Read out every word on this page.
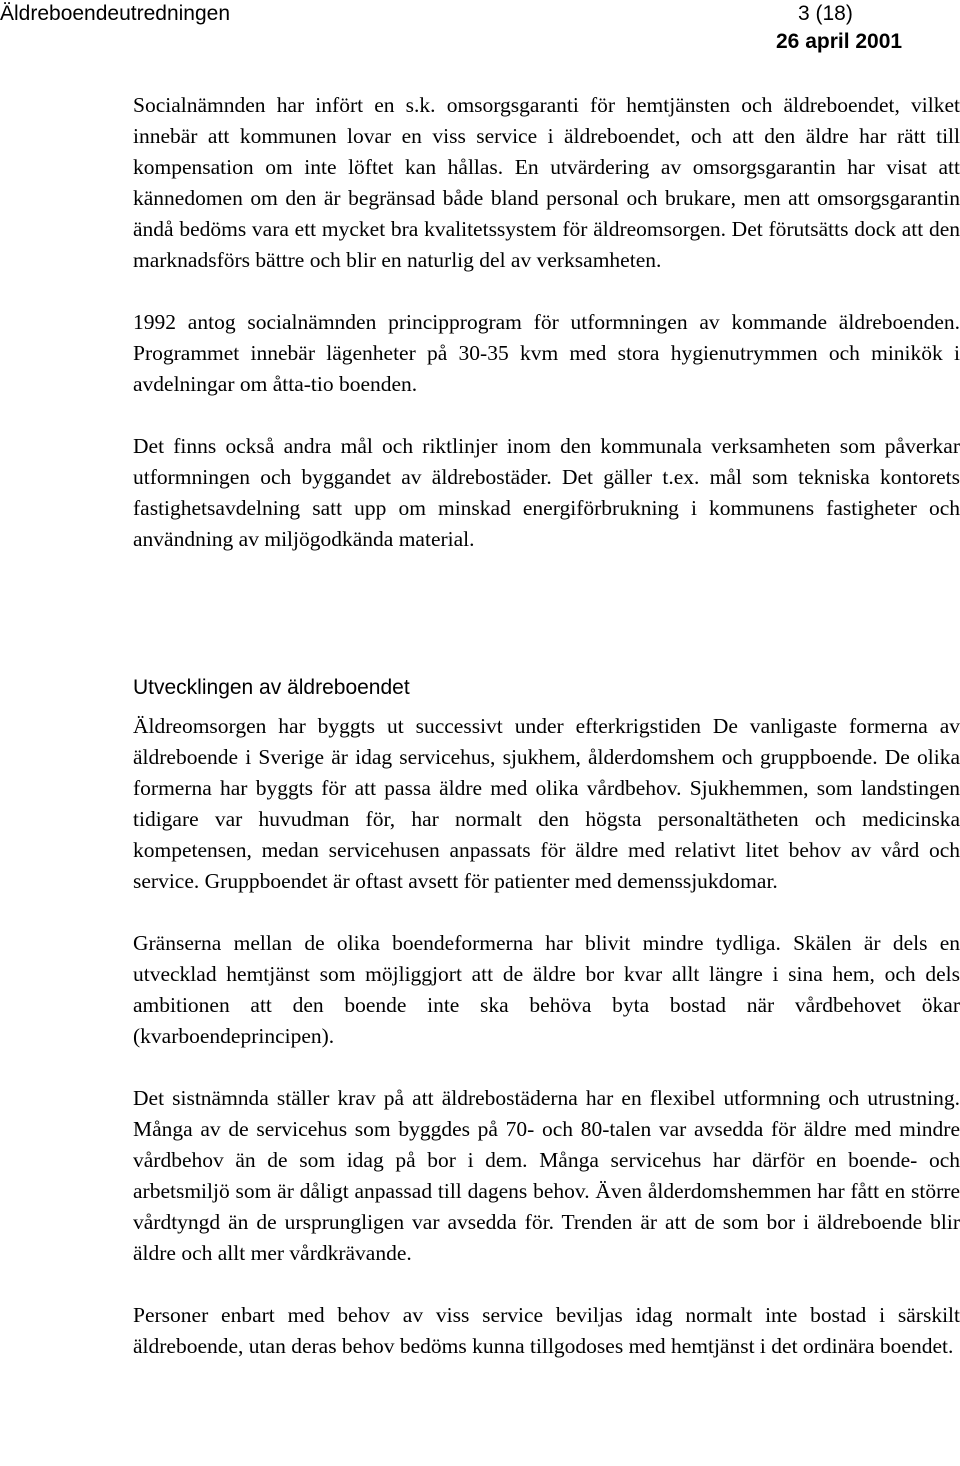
Äldreboendeutredningen	3 (18)
26 april 2001

Socialnämnden har infört en s.k. omsorgsgaranti för hemtjänsten och äldreboendet, vilket innebär att kommunen lovar en viss service i äldreboendet, och att den äldre har rätt till kompensation om inte löftet kan hållas. En utvärdering av omsorgsgarantin har visat att kännedomen om den är begränsad både bland personal och brukare, men att omsorgsgarantin ändå bedöms vara ett mycket bra kvalitetssystem för äldreomsorgen. Det förutsätts dock att den marknadsförs bättre och blir en naturlig del av verksamheten.

1992 antog socialnämnden principprogram för utformningen av kommande äldreboenden. Programmet innebär lägenheter på 30-35 kvm med stora hygienutrymmen och minikök i avdelningar om åtta-tio boenden.

Det finns också andra mål och riktlinjer inom den kommunala verksamheten som påverkar utformningen och byggandet av äldrebostäder. Det gäller t.ex. mål som tekniska kontorets fastighetsavdelning satt upp om minskad energiförbrukning i kommunens fastigheter och användning av miljögodkända material.

Utvecklingen av äldreboendet

Äldreomsorgen har byggts ut successivt under efterkrigstiden De vanligaste formerna av äldreboende i Sverige är idag servicehus, sjukhem, ålderdomshem och gruppboende. De olika formerna har byggts för att passa äldre med olika vårdbehov. Sjukhemmen, som landstingen tidigare var huvudman för, har normalt den högsta personaltätheten och medicinska kompetensen, medan servicehusen anpassats för äldre med relativt litet behov av vård och service. Gruppboendet är oftast avsett för patienter med demenssjukdomar.

Gränserna mellan de olika boendeformerna har blivit mindre tydliga. Skälen är dels en utvecklad hemtjänst som möjliggjort att de äldre bor kvar allt längre i sina hem, och dels ambitionen att den boende inte ska behöva byta bostad när vårdbehovet ökar (kvarboendeprincipen).

Det sistnämnda ställer krav på att äldrebostäderna har en flexibel utformning och utrustning. Många av de servicehus som byggdes på 70- och 80-talen var avsedda för äldre med mindre vårdbehov än de som idag på bor i dem. Många servicehus har därför en boende- och arbetsmiljö som är dåligt anpassad till dagens behov. Även ålderdomshemmen har fått en större vårdtyngd än de ursprungligen var avsedda för. Trenden är att de som bor i äldreboende blir äldre och allt mer vårdkrävande.

Personer enbart med behov av viss service beviljas idag normalt inte bostad i särskilt äldreboende, utan deras behov bedöms kunna tillgodoses med hemtjänst i det ordinära boendet.
